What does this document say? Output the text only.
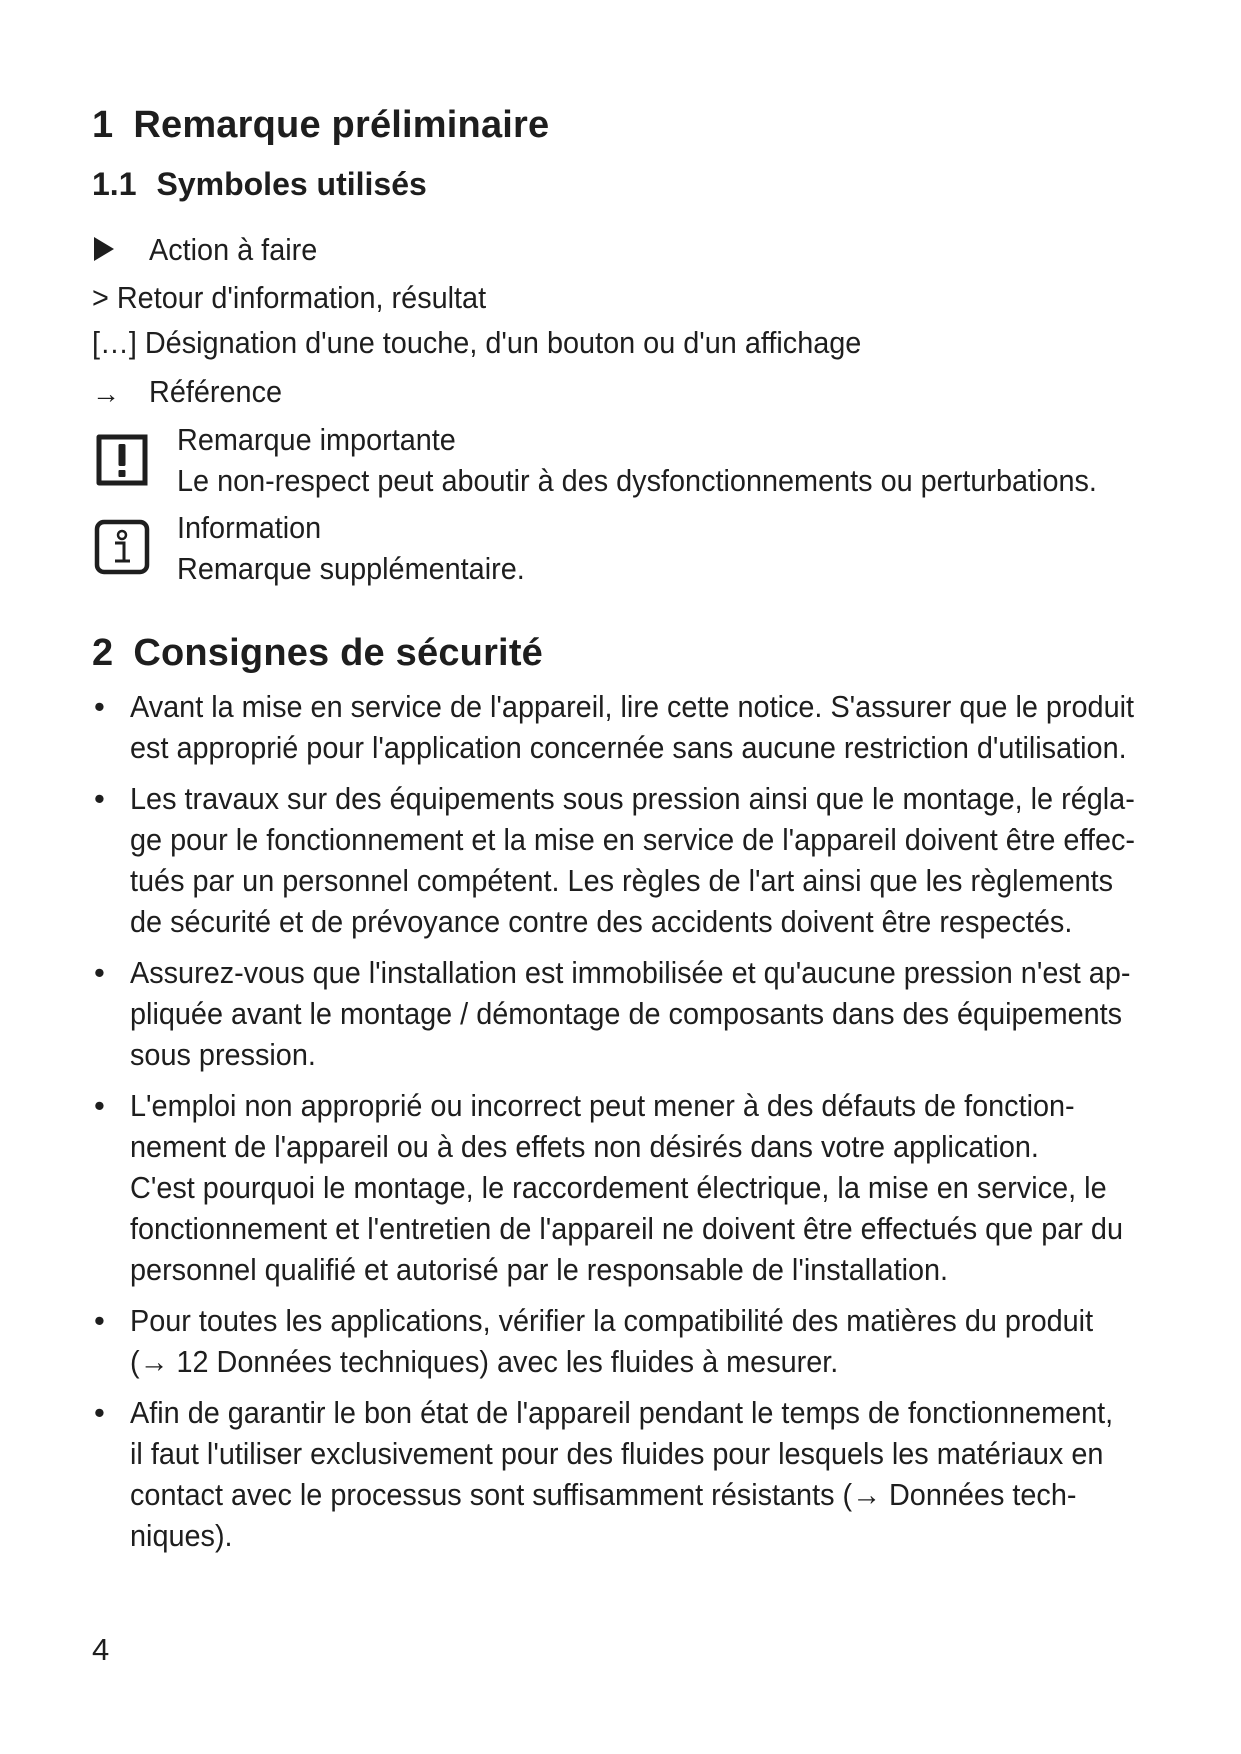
1 Remarque préliminaire
1.1 Symboles utilisés
Action à faire
> Retour d'information, résultat
[…] Désignation d'une touche, d'un bouton ou d'un affichage
→ Référence
Remarque importante
Le non-respect peut aboutir à des dysfonctionnements ou perturbations.
Information
Remarque supplémentaire.
2 Consignes de sécurité
• Avant la mise en service de l'appareil, lire cette notice. S'assurer que le produit
est approprié pour l'application concernée sans aucune restriction d'utilisation.
• Les travaux sur des équipements sous pression ainsi que le montage, le régla-
ge pour le fonctionnement et la mise en service de l'appareil doivent être effec-
tués par un personnel compétent. Les règles de l'art ainsi que les règlements
de sécurité et de prévoyance contre des accidents doivent être respectés.
• Assurez-vous que l'installation est immobilisée et qu'aucune pression n'est ap-
pliquée avant le montage / démontage de composants dans des équipements
sous pression.
• L'emploi non approprié ou incorrect peut mener à des défauts de fonction-
nement de l'appareil ou à des effets non désirés dans votre application.
C'est pourquoi le montage, le raccordement électrique, la mise en service, le
fonctionnement et l'entretien de l'appareil ne doivent être effectués que par du
personnel qualifié et autorisé par le responsable de l'installation.
• Pour toutes les applications, vérifier la compatibilité des matières du produit
(→ 12 Données techniques) avec les fluides à mesurer.
• Afin de garantir le bon état de l'appareil pendant le temps de fonctionnement,
il faut l'utiliser exclusivement pour des fluides pour lesquels les matériaux en
contact avec le processus sont suffisamment résistants (→ Données tech-
niques).
4
